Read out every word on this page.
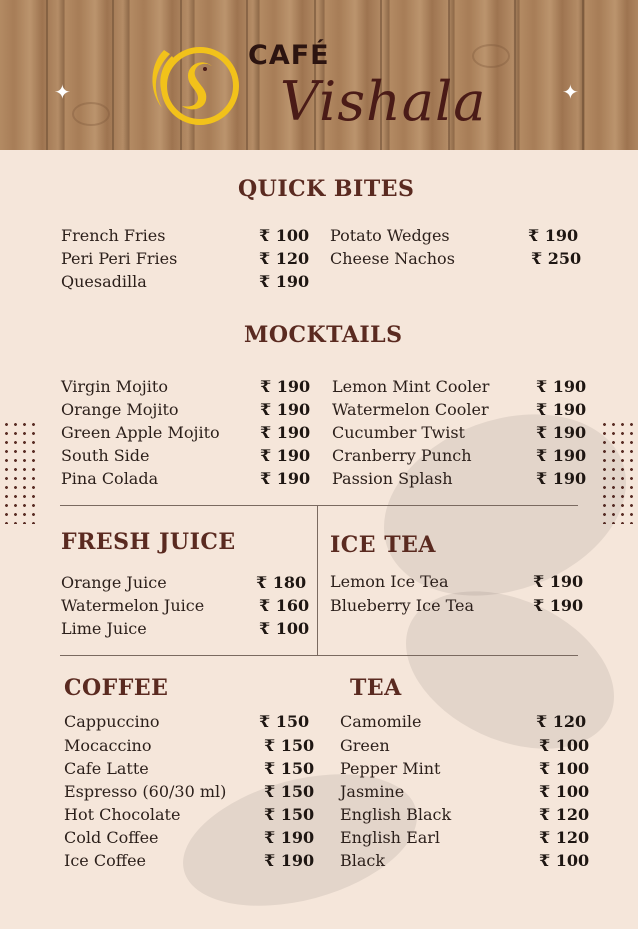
✦	✦
CAFÉ
Vishala
QUICK BITES
French Fries	₹ 100
Peri Peri Fries	₹ 120
Quesadilla	₹ 190
Potato Wedges	₹ 190
Cheese Nachos	₹ 250
MOCKTAILS
Virgin Mojito	₹ 190
Orange Mojito	₹ 190
Green Apple Mojito	₹ 190
South Side	₹ 190
Pina Colada	₹ 190
Lemon Mint Cooler	₹ 190
Watermelon Cooler	₹ 190
Cucumber Twist	₹ 190
Cranberry Punch	₹ 190
Passion Splash	₹ 190
FRESH JUICE
Orange Juice	₹ 180
Watermelon Juice	₹ 160
Lime Juice	₹ 100
ICE TEA
Lemon Ice Tea	₹ 190
Blueberry Ice Tea	₹ 190
COFFEE
Cappuccino	₹ 150
Mocaccino	₹ 150
Cafe Latte	₹ 150
Espresso (60/30 ml) ₹ 150
Hot Chocolate	₹ 150
Cold Coffee	₹ 190
Ice Coffee	₹ 190
TEA
Camomile	₹ 120
Green	₹ 100
Pepper Mint	₹ 100
Jasmine	₹ 100
English Black	₹ 120
English Earl	₹ 120
Black	₹ 100
